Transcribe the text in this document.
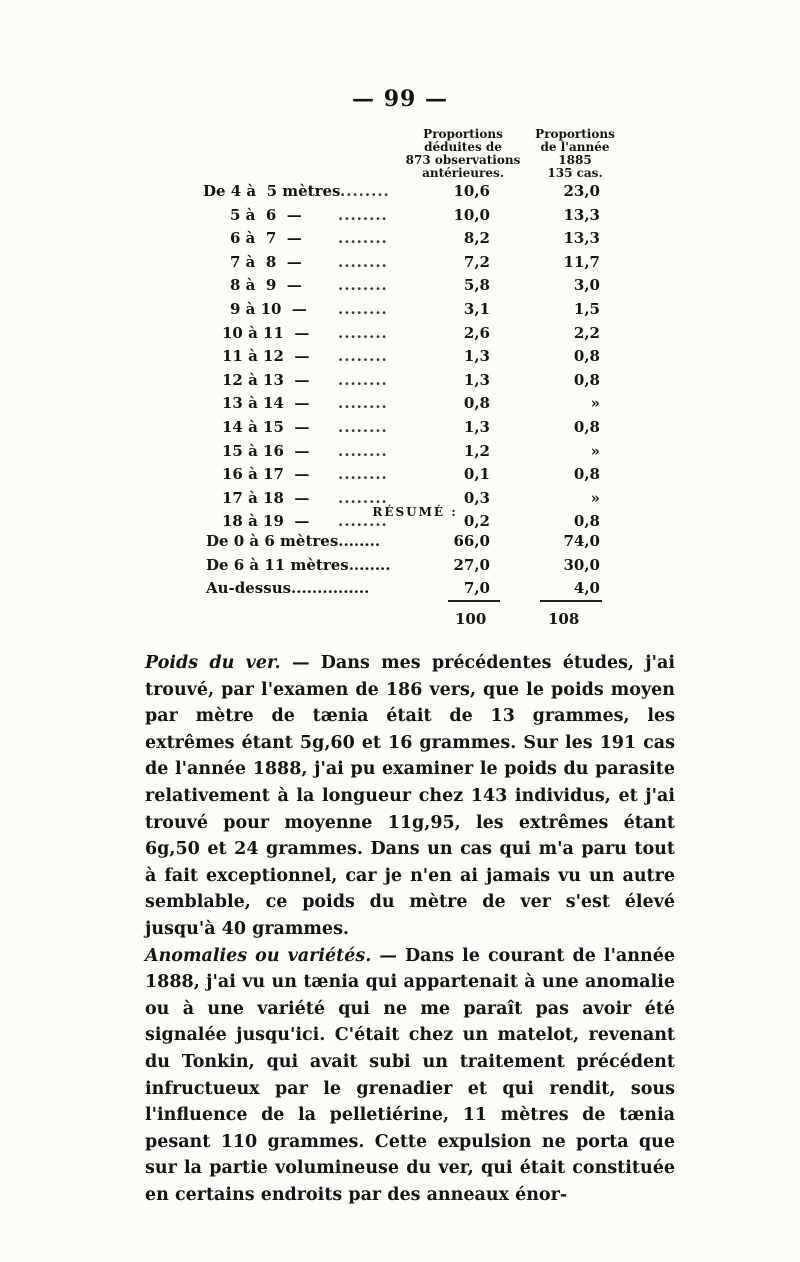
— 99 —
Proportions
déduites de
873 observations
antérieures.
Proportions
de l'année
1885
135 cas.
De 4 à  5 mètres ........	10,6	23,0
5 à  6  — ........	10,0	13,3
6 à  7  — ........	8,2	13,3
7 à  8  — ........	7,2	11,7
8 à  9  — ........	5,8	3,0
9 à 10  — ........	3,1	1,5
10 à 11  — ........	2,6	2,2
11 à 12  — ........	1,3	0,8
12 à 13  — ........	1,3	0,8
13 à 14  — ........	0,8	»
14 à 15  — ........	1,3	0,8
15 à 16  — ........	1,2	»
16 à 17  — ........	0,1	0,8
17 à 18  — ........	0,3	»
18 à 19  — ........	0,2	0,8
RÉSUMÉ :
De 0 à 6 mètres........	66,0	74,0
De 6 à 11 mètres........	27,0	30,0
Au-dessus...............	7,0	4,0
100	108

Poids du ver. — Dans mes précédentes études, j'ai trouvé, par l'examen de 186 vers, que le poids moyen par mètre de tænia était de 13 grammes, les extrêmes étant 5g,60 et 16 grammes. Sur les 191 cas de l'année 1888, j'ai pu examiner le poids du parasite relativement à la longueur chez 143 individus, et j'ai trouvé pour moyenne 11g,95, les extrêmes étant 6g,50 et 24 grammes. Dans un cas qui m'a paru tout à fait exceptionnel, car je n'en ai jamais vu un autre semblable, ce poids du mètre de ver s'est élevé jusqu'à 40 grammes.

Anomalies ou variétés. — Dans le courant de l'année 1888, j'ai vu un tænia qui appartenait à une anomalie ou à une variété qui ne me paraît pas avoir été signalée jusqu'ici. C'était chez un matelot, revenant du Tonkin, qui avait subi un traitement précédent infructueux par le grenadier et qui rendit, sous l'influence de la pelletiérine, 11 mètres de tænia pesant 110 grammes. Cette expulsion ne porta que sur la partie volumineuse du ver, qui était constituée en certains endroits par des anneaux énor-
